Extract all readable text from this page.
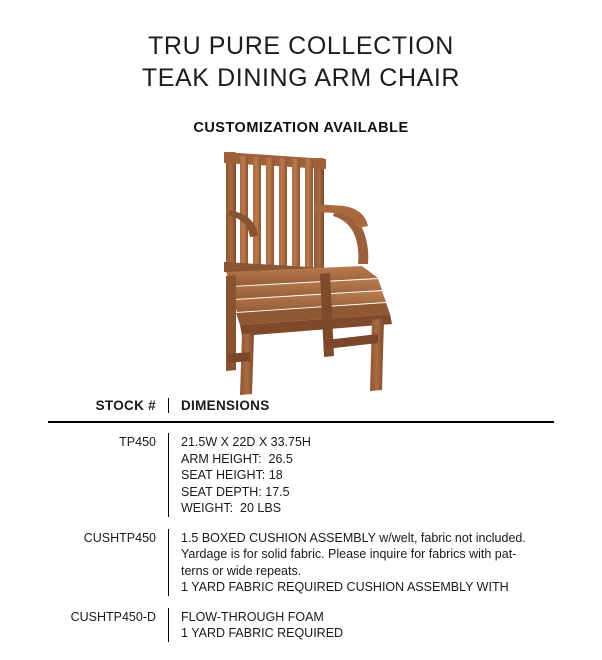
TRU PURE COLLECTION
TEAK DINING ARM CHAIR
CUSTOMIZATION AVAILABLE
STOCK #	DIMENSIONS
TP450	21.5W X 22D X 33.75H
ARM HEIGHT:  26.5
SEAT HEIGHT: 18
SEAT DEPTH: 17.5
WEIGHT:  20 LBS
CUSHTP450	1.5 BOXED CUSHION ASSEMBLY w/welt, fabric not included.
Yardage is for solid fabric. Please inquire for fabrics with pat-
terns or wide repeats.
1 YARD FABRIC REQUIRED CUSHION ASSEMBLY WITH
CUSHTP450-D	FLOW-THROUGH FOAM
1 YARD FABRIC REQUIRED
